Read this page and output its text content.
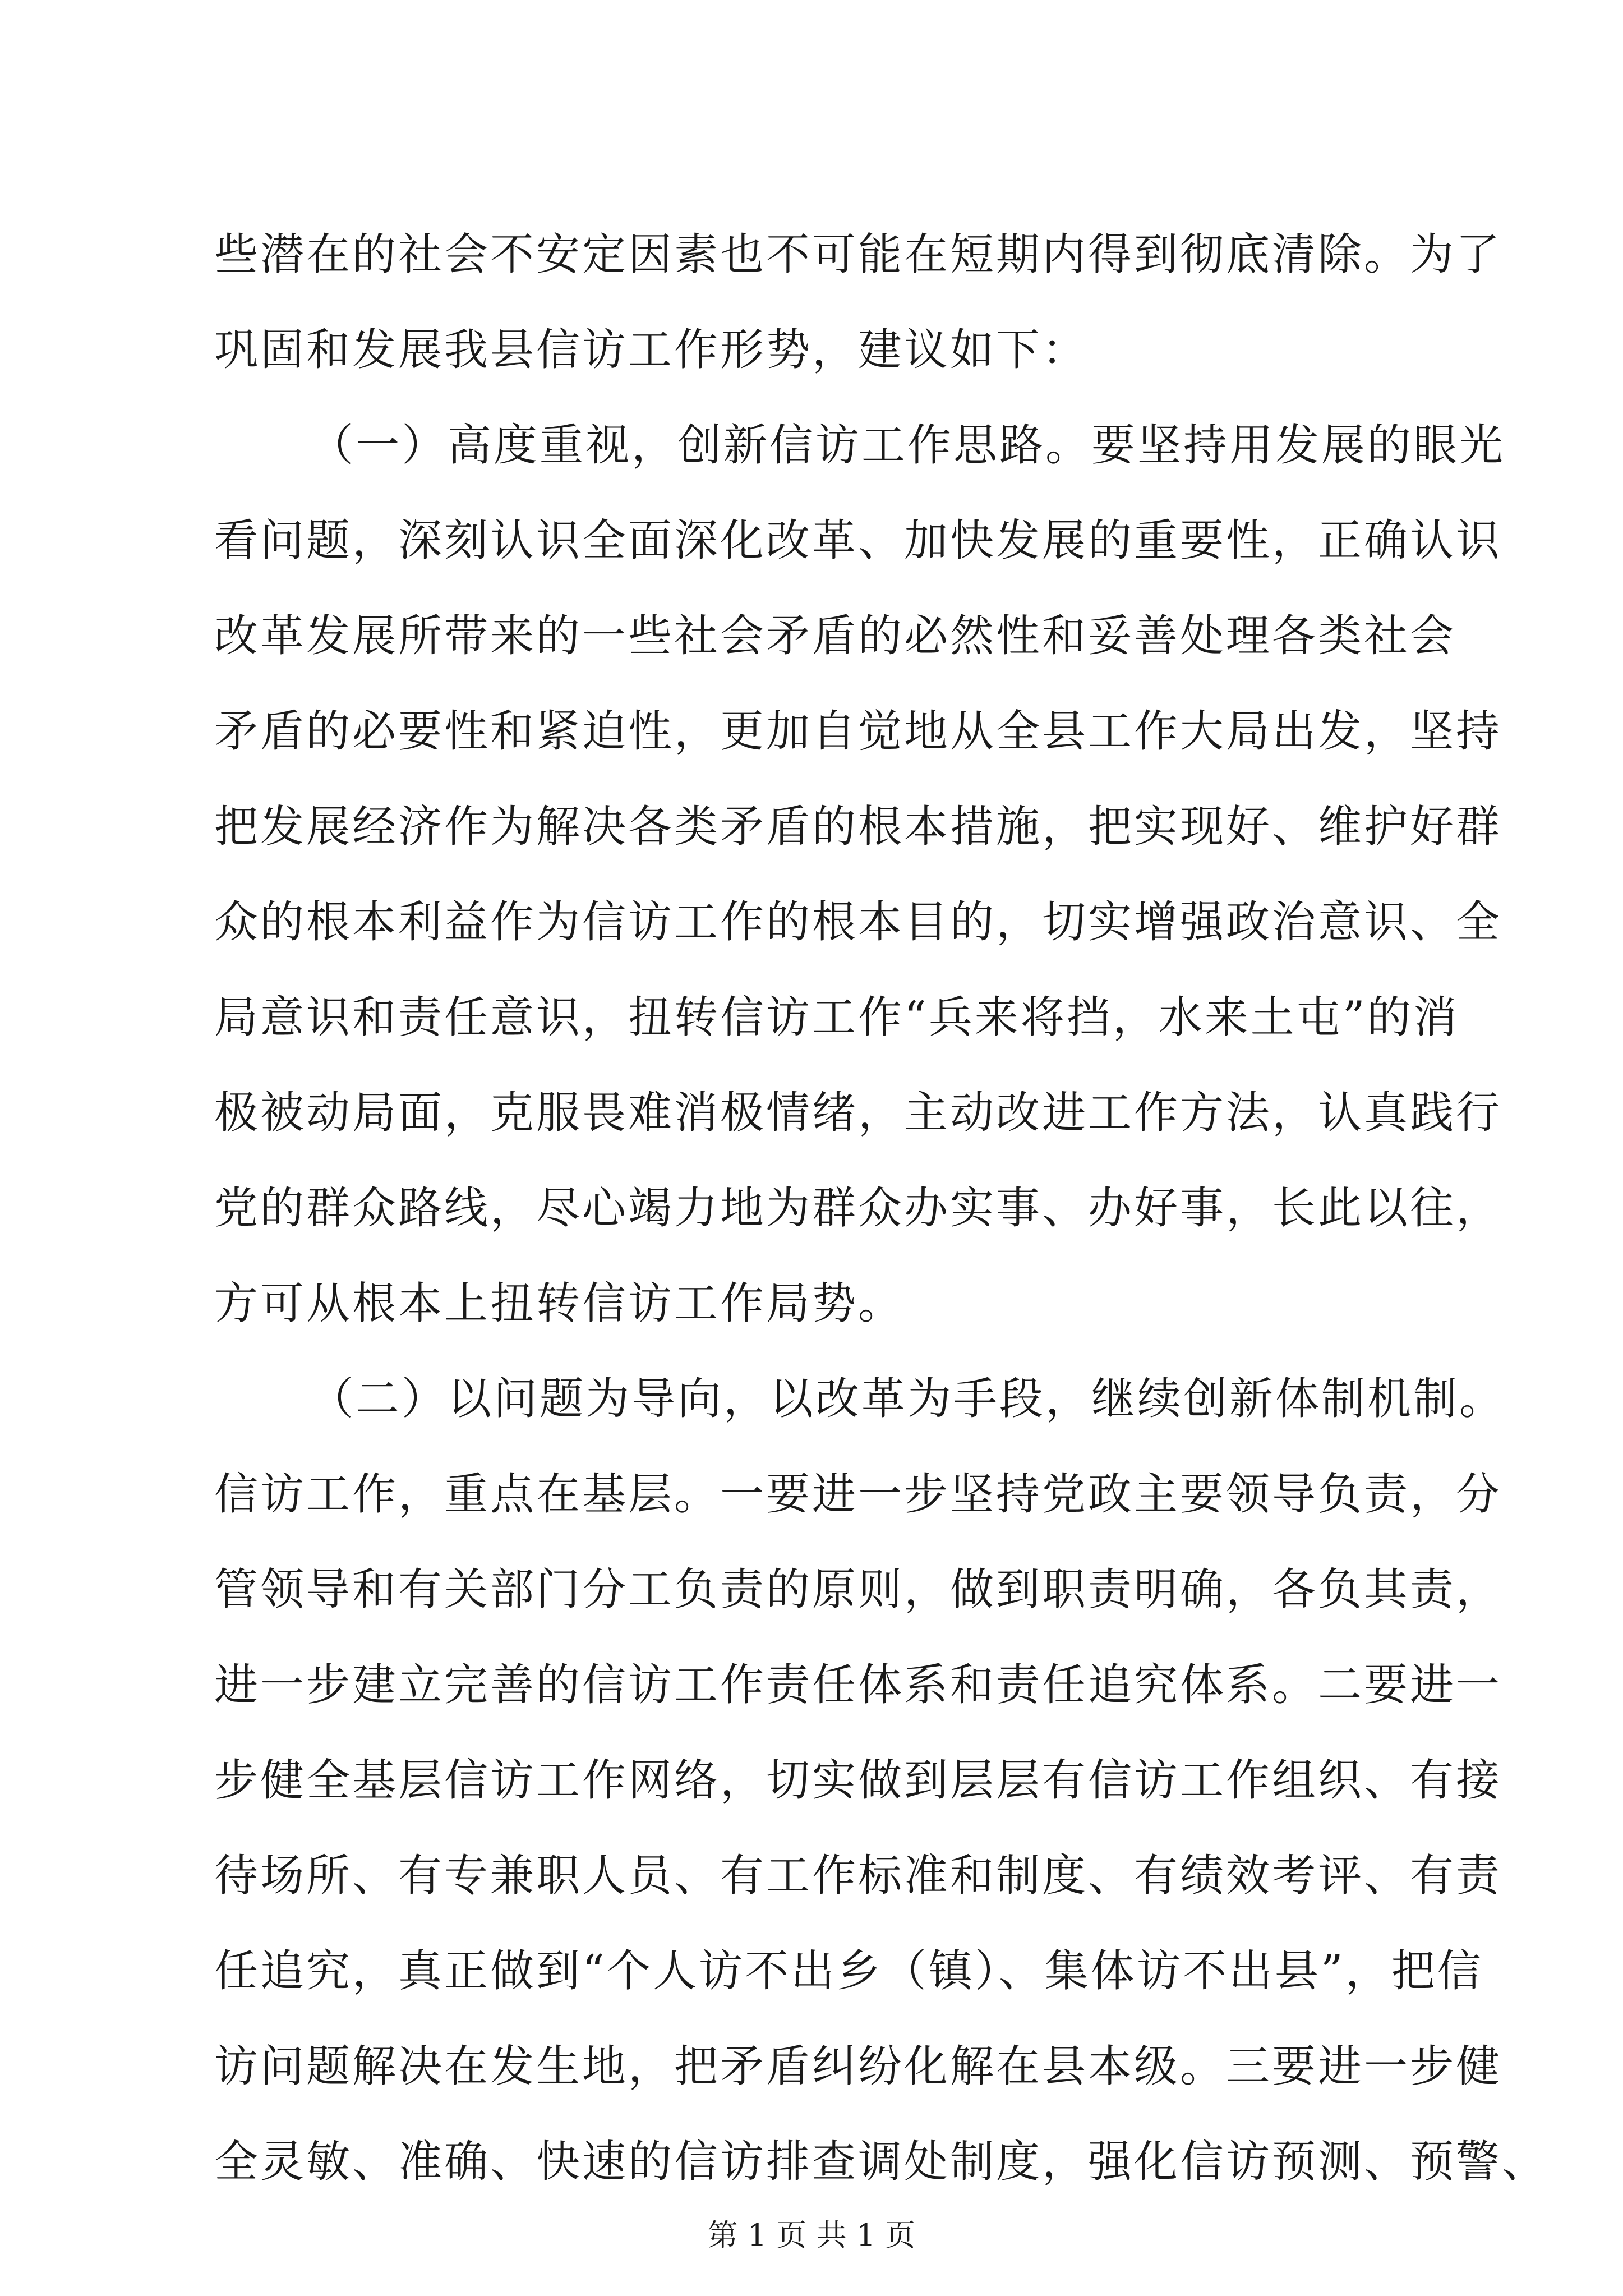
些潜在的社会不安定因素也不可能在短期内得到彻底清除。为了
巩固和发展我县信访工作形势，建议如下：
（一）高度重视，创新信访工作思路。要坚持用发展的眼光
看问题，深刻认识全面深化改革、加快发展的重要性，正确认识
改革发展所带来的一些社会矛盾的必然性和妥善处理各类社会
矛盾的必要性和紧迫性，更加自觉地从全县工作大局出发，坚持
把发展经济作为解决各类矛盾的根本措施，把实现好、维护好群
众的根本利益作为信访工作的根本目的，切实增强政治意识、全
局意识和责任意识，扭转信访工作“兵来将挡，水来土屯”的消
极被动局面，克服畏难消极情绪，主动改进工作方法，认真践行
党的群众路线，尽心竭力地为群众办实事、办好事，长此以往，
方可从根本上扭转信访工作局势。
（二）以问题为导向，以改革为手段，继续创新体制机制。
信访工作，重点在基层。一要进一步坚持党政主要领导负责，分
管领导和有关部门分工负责的原则，做到职责明确，各负其责，
进一步建立完善的信访工作责任体系和责任追究体系。二要进一
步健全基层信访工作网络，切实做到层层有信访工作组织、有接
待场所、有专兼职人员、有工作标准和制度、有绩效考评、有责
任追究，真正做到“个人访不出乡（镇）、集体访不出县”，把信
访问题解决在发生地，把矛盾纠纷化解在县本级。三要进一步健
全灵敏、准确、快速的信访排查调处制度，强化信访预测、预警、
第 1 页 共 1 页
